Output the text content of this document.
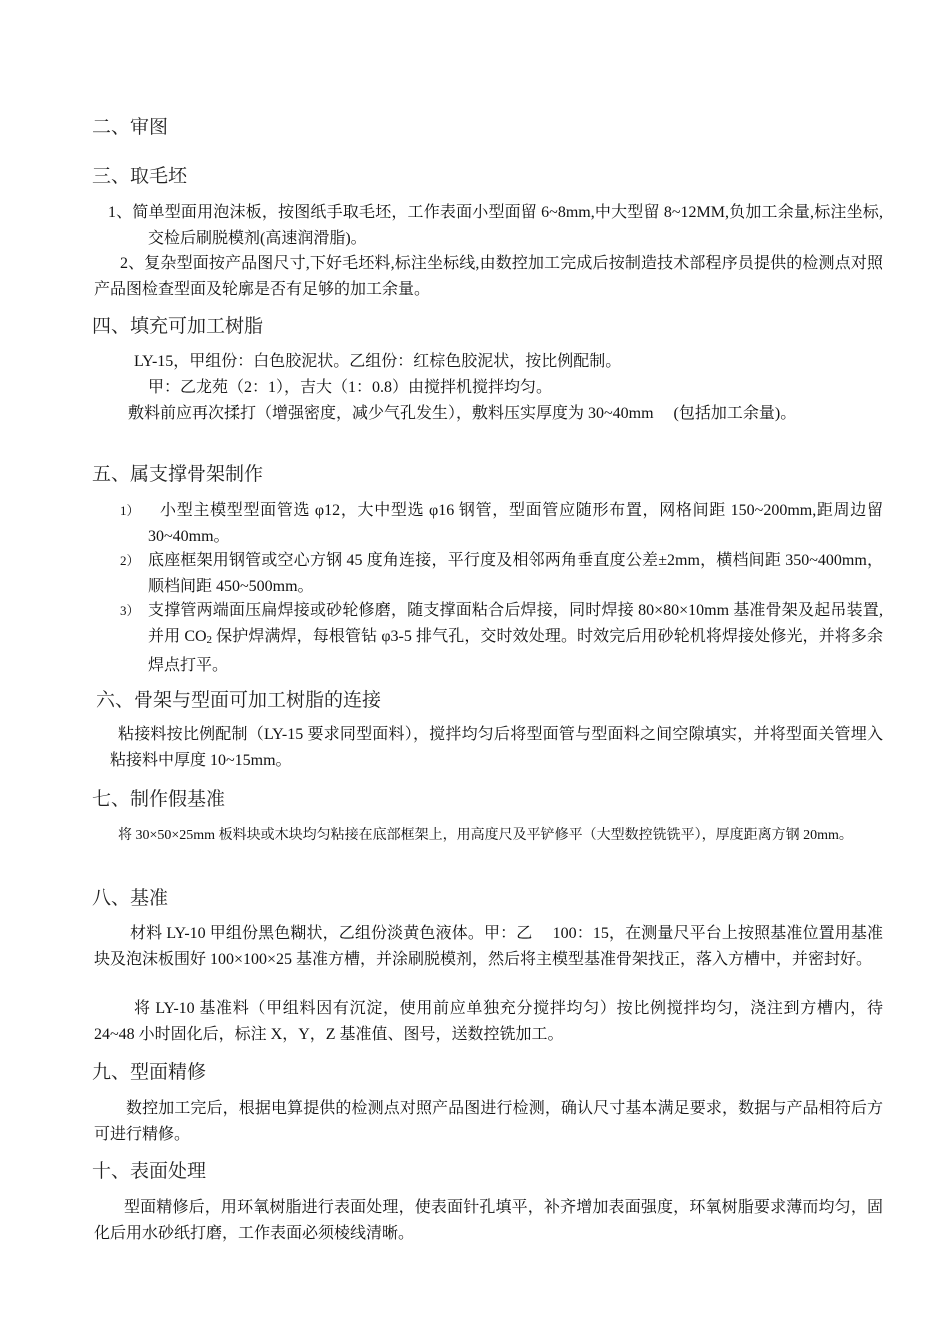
二、审图
三、取毛坯
1、简单型面用泡沫板，按图纸手取毛坯，工作表面小型面留 6~8mm,中大型留 8~12MM,负加工余量,标注坐标,交检后刷脱模剂(高速润滑脂)。
2、复杂型面按产品图尺寸,下好毛坯料,标注坐标线,由数控加工完成后按制造技术部程序员提供的检测点对照产品图检查型面及轮廓是否有足够的加工余量。
四、填充可加工树脂
LY-15，甲组份：白色胶泥状。乙组份：红棕色胶泥状，按比例配制。
甲：乙龙苑（2：1），吉大（1：0.8）由搅拌机搅拌均匀。
敷料前应再次揉打（增强密度，减少气孔发生），敷料压实厚度为 30~40mm　 (包括加工余量)。
五、属支撑骨架制作
1）	小型主模型型面管选 φ12，大中型选 φ16 钢管，型面管应随形布置，网格间距 150~200mm,距周边留 30~40mm。
2） 底座框架用钢管或空心方钢 45 度角连接，平行度及相邻两角垂直度公差±2mm，横档间距 350~400mm，顺档间距 450~500mm。
3） 支撑管两端面压扁焊接或砂轮修磨，随支撑面粘合后焊接，同时焊接 80×80×10mm 基准骨架及起吊装置,并用 $CO_2$ 保护焊满焊，每根管钻 φ3-5 排气孔，交时效处理。时效完后用砂轮机将焊接处修光，并将多余焊点打平。
六、骨架与型面可加工树脂的连接
粘接料按比例配制（LY-15 要求同型面料），搅拌均匀后将型面管与型面料之间空隙填实，并将型面关管埋入粘接料中厚度 10~15mm。
七、制作假基准
将 30×50×25mm 板料块或木块均匀粘接在底部框架上，用高度尺及平铲修平（大型数控铣铣平），厚度距离方钢 20mm。
八、基准
材料 LY-10 甲组份黑色糊状，乙组份淡黄色液体。甲：乙　 100：15，在测量尺平台上按照基准位置用基准块及泡沫板围好 100×100×25 基准方槽，并涂刷脱模剂，然后将主模型基准骨架找正，落入方槽中，并密封好。
将 LY-10 基准料（甲组料因有沉淀，使用前应单独充分搅拌均匀）按比例搅拌均匀，浇注到方槽内，待 24~48 小时固化后，标注 X，Y，Z 基准值、图号，送数控铣加工。
九、型面精修
数控加工完后，根据电算提供的检测点对照产品图进行检测，确认尺寸基本满足要求，数据与产品相符后方可进行精修。
十、表面处理
型面精修后，用环氧树脂进行表面处理，使表面针孔填平，补齐增加表面强度，环氧树脂要求薄而均匀，固化后用水砂纸打磨，工作表面必须棱线清晰。
